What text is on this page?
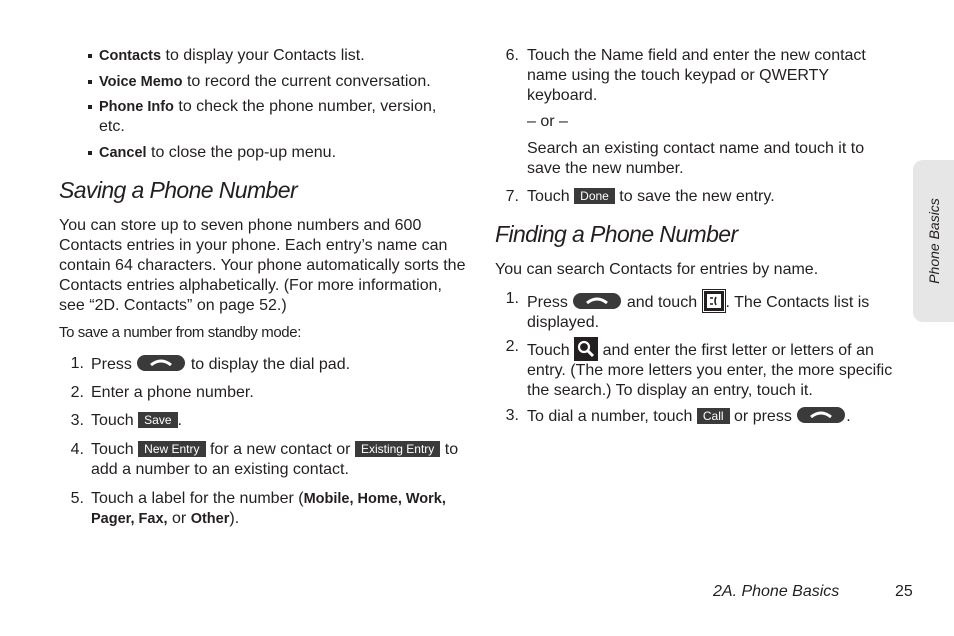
Contacts to display your Contacts list.
Voice Memo to record the current conversation.
Phone Info to check the phone number, version, etc.
Cancel to close the pop-up menu.
Saving a Phone Number
You can store up to seven phone numbers and 600 Contacts entries in your phone. Each entry’s name can contain 64 characters. Your phone automatically sorts the Contacts entries alphabetically. (For more information, see “2D. Contacts” on page 52.)
To save a number from standby mode:
1. Press	to display the dial pad.
2. Enter a phone number.
3. Touch Save .
4. Touch New Entry for a new contact or Existing Entry to add a number to an existing contact.
5. Touch a label for the number (Mobile, Home, Work, Pager, Fax, or Other).
6. Touch the Name field and enter the new contact name using the touch keypad or QWERTY keyboard.
– or –
Search an existing contact name and touch it to save the new number.
7. Touch Done to save the new entry.
Finding a Phone Number
You can search Contacts for entries by name.
1. Press	and touch . The Contacts list is displayed.
2. Touch and enter the first letter or letters of an entry. (The more letters you enter, the more specific the search.) To display an entry, touch it.
3. To dial a number, touch Call or press	.
Phone Basics
2A. Phone Basics	25
